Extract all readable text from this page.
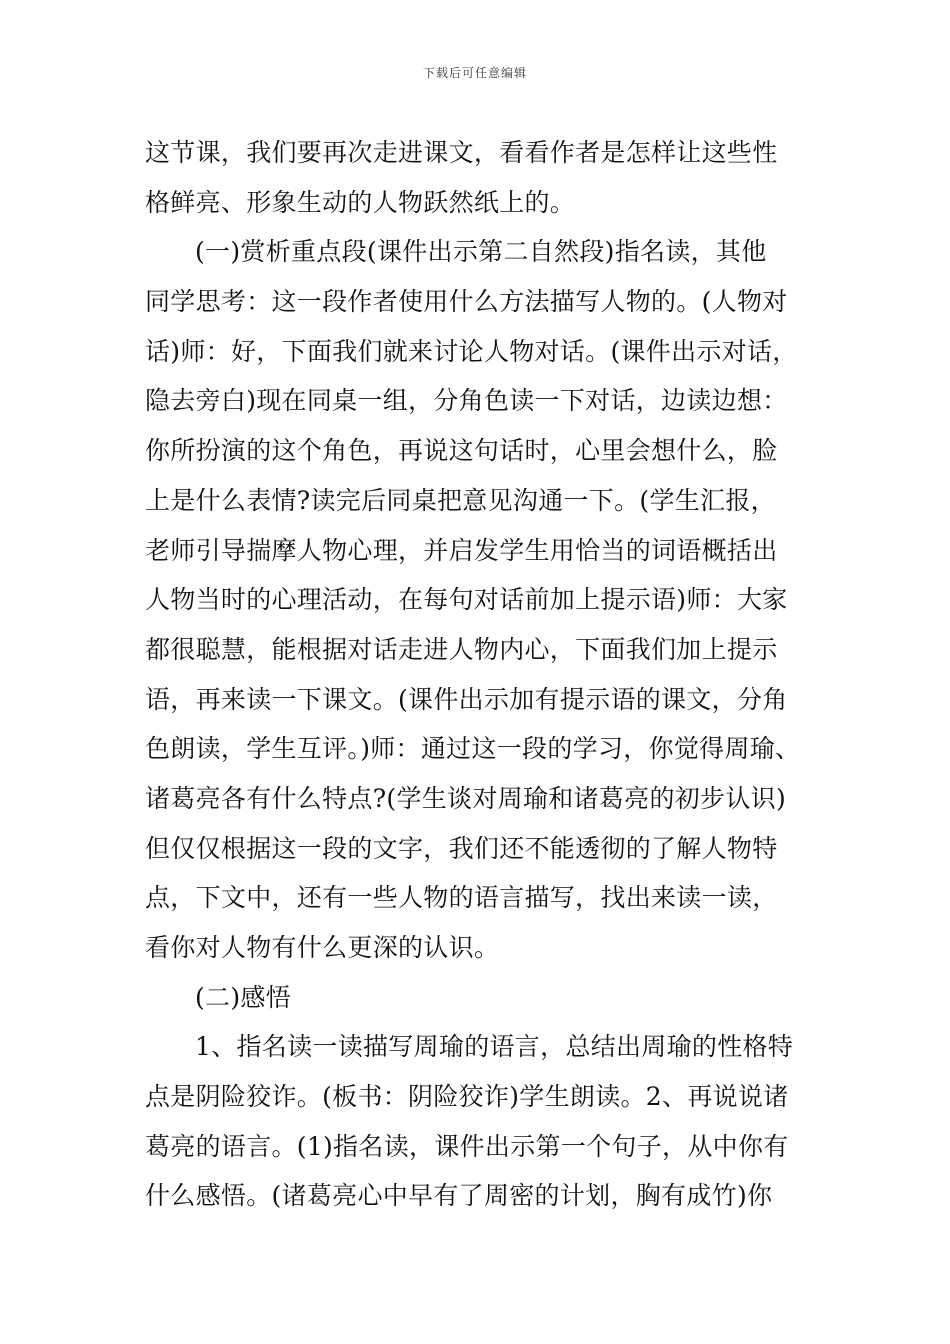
下载后可任意编辑
这节课，我们要再次走进课文，看看作者是怎样让这些性
格鲜亮、形象生动的人物跃然纸上的。
(一)赏析重点段(课件出示第二自然段)指名读，其他
同学思考：这一段作者使用什么方法描写人物的。(人物对
话)师：好，下面我们就来讨论人物对话。(课件出示对话，
隐去旁白)现在同桌一组，分角色读一下对话，边读边想：
你所扮演的这个角色，再说这句话时，心里会想什么，脸
上是什么表情?读完后同桌把意见沟通一下。(学生汇报，
老师引导揣摩人物心理，并启发学生用恰当的词语概括出
人物当时的心理活动，在每句对话前加上提示语)师：大家
都很聪慧，能根据对话走进人物内心，下面我们加上提示
语，再来读一下课文。(课件出示加有提示语的课文，分角
色朗读，学生互评。)师：通过这一段的学习，你觉得周瑜、
诸葛亮各有什么特点?(学生谈对周瑜和诸葛亮的初步认识)
但仅仅根据这一段的文字，我们还不能透彻的了解人物特
点，下文中，还有一些人物的语言描写，找出来读一读，
看你对人物有什么更深的认识。
(二)感悟
1、指名读一读描写周瑜的语言，总结出周瑜的性格特
点是阴险狡诈。(板书：阴险狡诈)学生朗读。2、再说说诸
葛亮的语言。(1)指名读，课件出示第一个句子，从中你有
什么感悟。(诸葛亮心中早有了周密的计划，胸有成竹)你
